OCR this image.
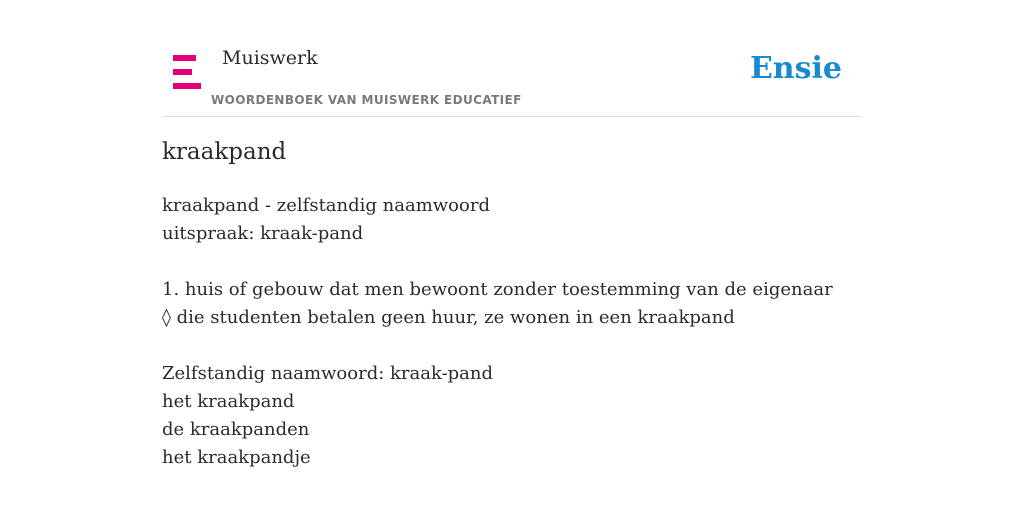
Muiswerk
WOORDENBOEK VAN MUISWERK EDUCATIEF
Ensie
kraakpand
kraakpand - zelfstandig naamwoord
uitspraak: kraak-pand
1. huis of gebouw dat men bewoont zonder toestemming van de eigenaar
◊ die studenten betalen geen huur, ze wonen in een kraakpand
Zelfstandig naamwoord: kraak-pand
het kraakpand
de kraakpanden
het kraakpandje
